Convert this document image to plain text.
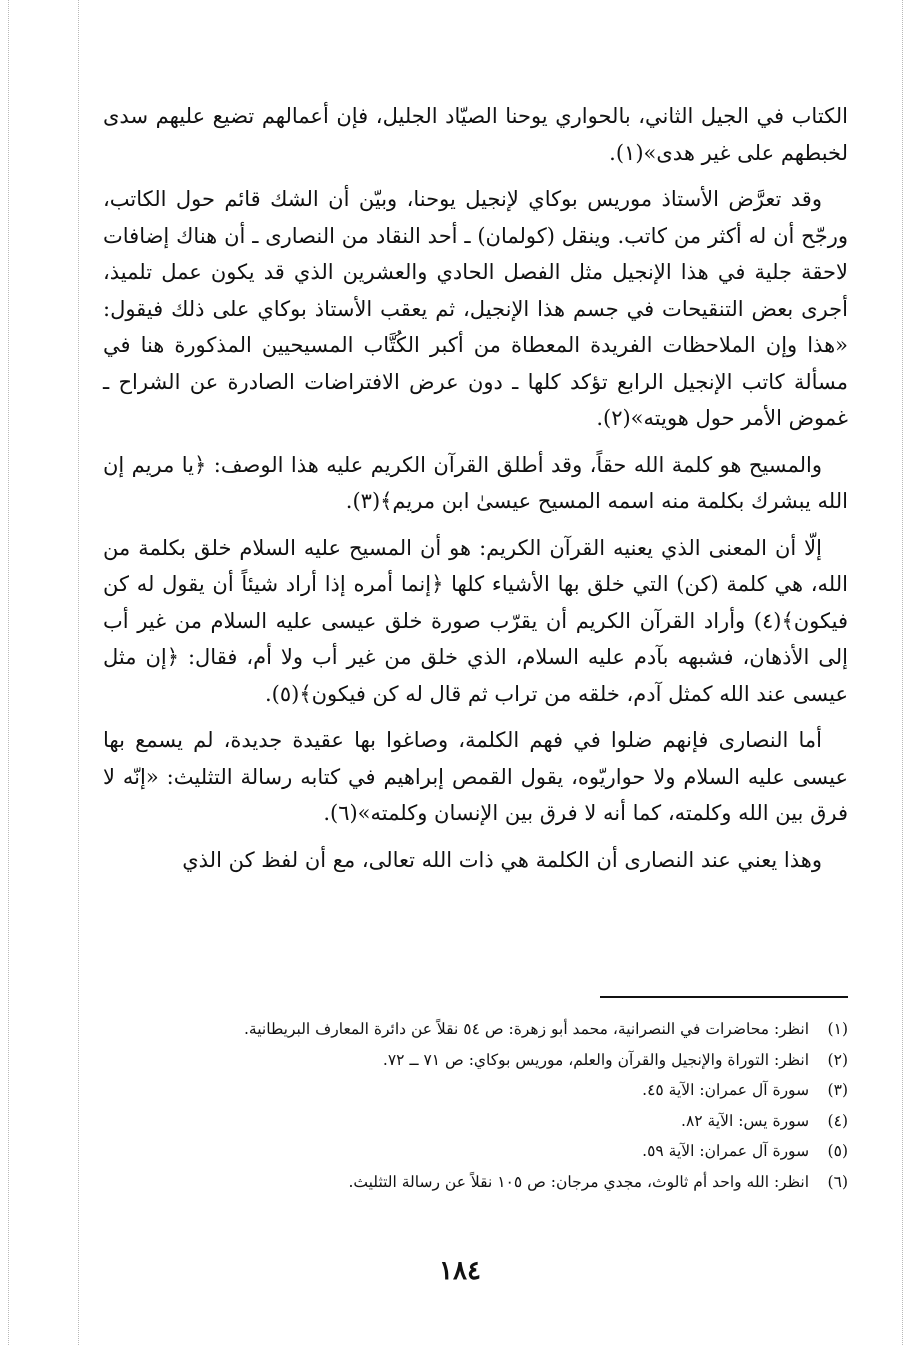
الكتاب في الجيل الثاني، بالحواري يوحنا الصيّاد الجليل، فإن أعمالهم تضيع عليهم سدى لخبطهم على غير هدى»(١).

وقد تعرَّض الأستاذ موريس بوكاي لإنجيل يوحنا، وبيّن أن الشك قائم حول الكاتب، ورجّح أن له أكثر من كاتب. وينقل (كولمان) ـ أحد النقاد من النصارى ـ أن هناك إضافات لاحقة جلية في هذا الإنجيل مثل الفصل الحادي والعشرين الذي قد يكون عمل تلميذ، أجرى بعض التنقيحات في جسم هذا الإنجيل، ثم يعقب الأستاذ بوكاي على ذلك فيقول: «هذا وإن الملاحظات الفريدة المعطاة من أكبر الكُتَّاب المسيحيين المذكورة هنا في مسألة كاتب الإنجيل الرابع تؤكد كلها ـ دون عرض الافتراضات الصادرة عن الشراح ـ غموض الأمر حول هويته»(٢).

والمسيح هو كلمة الله حقاً، وقد أطلق القرآن الكريم عليه هذا الوصف: ﴿يا مريم إن الله يبشرك بكلمة منه اسمه المسيح عيسىٰ ابن مريم﴾(٣).

إلّا أن المعنى الذي يعنيه القرآن الكريم: هو أن المسيح عليه السلام خلق بكلمة من الله، هي كلمة (كن) التي خلق بها الأشياء كلها ﴿إنما أمره إذا أراد شيئاً أن يقول له كن فيكون﴾(٤) وأراد القرآن الكريم أن يقرّب صورة خلق عيسى عليه السلام من غير أب إلى الأذهان، فشبهه بآدم عليه السلام، الذي خلق من غير أب ولا أم، فقال: ﴿إن مثل عيسى عند الله كمثل آدم، خلقه من تراب ثم قال له كن فيكون﴾(٥).

أما النصارى فإنهم ضلوا في فهم الكلمة، وصاغوا بها عقيدة جديدة، لم يسمع بها عيسى عليه السلام ولا حواريّوه، يقول القمص إبراهيم في كتابه رسالة التثليث: «إنّه لا فرق بين الله وكلمته، كما أنه لا فرق بين الإنسان وكلمته»(٦).

وهذا يعني عند النصارى أن الكلمة هي ذات الله تعالى، مع أن لفظ كن الذي

(١) انظر: محاضرات في النصرانية، محمد أبو زهرة: ص ٥٤ نقلاً عن دائرة المعارف البريطانية.
(٢) انظر: التوراة والإنجيل والقرآن والعلم، موريس بوكاي: ص ٧١ ــ ٧٢.
(٣) سورة آل عمران: الآية ٤٥.
(٤) سورة يس: الآية ٨٢.
(٥) سورة آل عمران: الآية ٥٩.
(٦) انظر: الله واحد أم ثالوث، مجدي مرجان: ص ١٠٥ نقلاً عن رسالة التثليث.
١٨٤
